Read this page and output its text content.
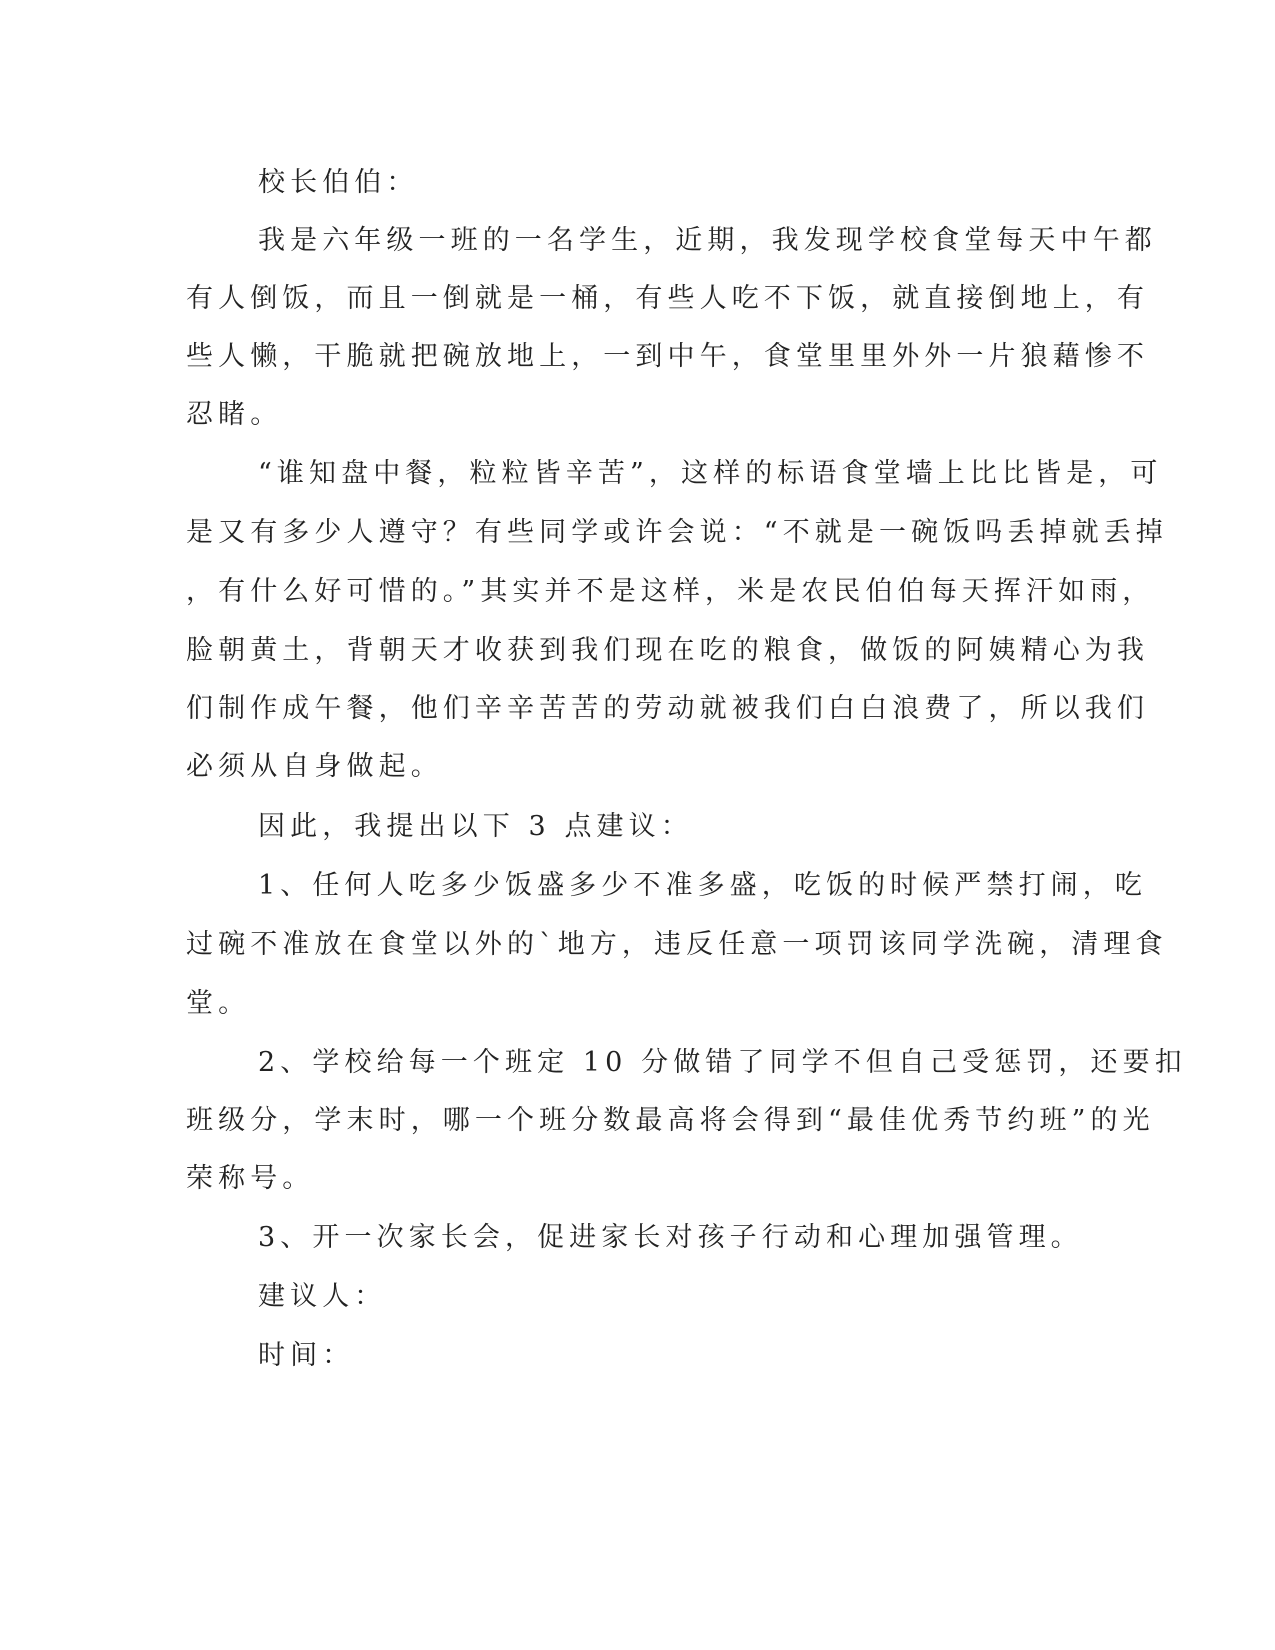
校长伯伯：
我是六年级一班的一名学生，近期，我发现学校食堂每天中午都
有人倒饭，而且一倒就是一桶，有些人吃不下饭，就直接倒地上，有
些人懒，干脆就把碗放地上，一到中午，食堂里里外外一片狼藉惨不
忍睹。
“谁知盘中餐，粒粒皆辛苦”，这样的标语食堂墙上比比皆是，可
是又有多少人遵守？有些同学或许会说：“不就是一碗饭吗丢掉就丢掉
，有什么好可惜的。”其实并不是这样，米是农民伯伯每天挥汗如雨，
脸朝黄土，背朝天才收获到我们现在吃的粮食，做饭的阿姨精心为我
们制作成午餐，他们辛辛苦苦的劳动就被我们白白浪费了，所以我们
必须从自身做起。
因此，我提出以下 3 点建议：
1、任何人吃多少饭盛多少不准多盛，吃饭的时候严禁打闹，吃
过碗不准放在食堂以外的`地方，违反任意一项罚该同学洗碗，清理食
堂。
2、学校给每一个班定 10 分做错了同学不但自己受惩罚，还要扣
班级分，学末时，哪一个班分数最高将会得到“最佳优秀节约班”的光
荣称号。
3、开一次家长会，促进家长对孩子行动和心理加强管理。
建议人：
时间：
